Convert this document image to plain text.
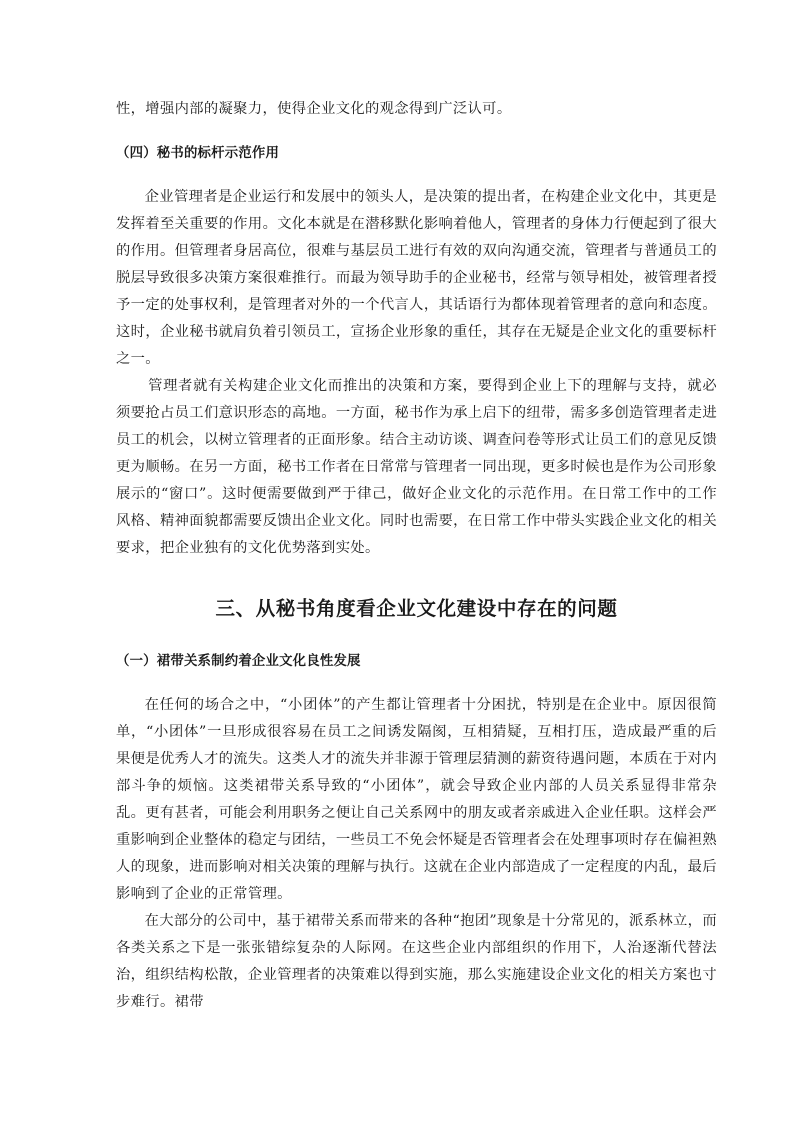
性，增强内部的凝聚力，使得企业文化的观念得到广泛认可。

（四）秘书的标杆示范作用

企业管理者是企业运行和发展中的领头人，是决策的提出者，在构建企业文化中，其更是发挥着至关重要的作用。文化本就是在潜移默化影响着他人，管理者的身体力行便起到了很大的作用。但管理者身居高位，很难与基层员工进行有效的双向沟通交流，管理者与普通员工的脱层导致很多决策方案很难推行。而最为领导助手的企业秘书，经常与领导相处，被管理者授予一定的处事权利，是管理者对外的一个代言人，其话语行为都体现着管理者的意向和态度。这时，企业秘书就肩负着引领员工，宣扬企业形象的重任，其存在无疑是企业文化的重要标杆之一。

管理者就有关构建企业文化而推出的决策和方案，要得到企业上下的理解与支持，就必须要抢占员工们意识形态的高地。一方面，秘书作为承上启下的纽带，需多多创造管理者走进员工的机会，以树立管理者的正面形象。结合主动访谈、调查问卷等形式让员工们的意见反馈更为顺畅。在另一方面，秘书工作者在日常常与管理者一同出现，更多时候也是作为公司形象展示的“窗口”。这时便需要做到严于律己，做好企业文化的示范作用。在日常工作中的工作风格、精神面貌都需要反馈出企业文化。同时也需要，在日常工作中带头实践企业文化的相关要求，把企业独有的文化优势落到实处。

三、从秘书角度看企业文化建设中存在的问题
（一）裙带关系制约着企业文化良性发展

在任何的场合之中，“小团体”的产生都让管理者十分困扰，特别是在企业中。原因很简单，“小团体”一旦形成很容易在员工之间诱发隔阂，互相猜疑，互相打压，造成最严重的后果便是优秀人才的流失。这类人才的流失并非源于管理层猜测的薪资待遇问题，本质在于对内部斗争的烦恼。这类裙带关系导致的“小团体”，就会导致企业内部的人员关系显得非常杂乱。更有甚者，可能会利用职务之便让自己关系网中的朋友或者亲戚进入企业任职。这样会严重影响到企业整体的稳定与团结，一些员工不免会怀疑是否管理者会在处理事项时存在偏袒熟人的现象，进而影响对相关决策的理解与执行。这就在企业内部造成了一定程度的内乱，最后影响到了企业的正常管理。

在大部分的公司中，基于裙带关系而带来的各种“抱团”现象是十分常见的，派系林立，而各类关系之下是一张张错综复杂的人际网。在这些企业内部组织的作用下，人治逐渐代替法治，组织结构松散，企业管理者的决策难以得到实施，那么实施建设企业文化的相关方案也寸步难行。裙带
